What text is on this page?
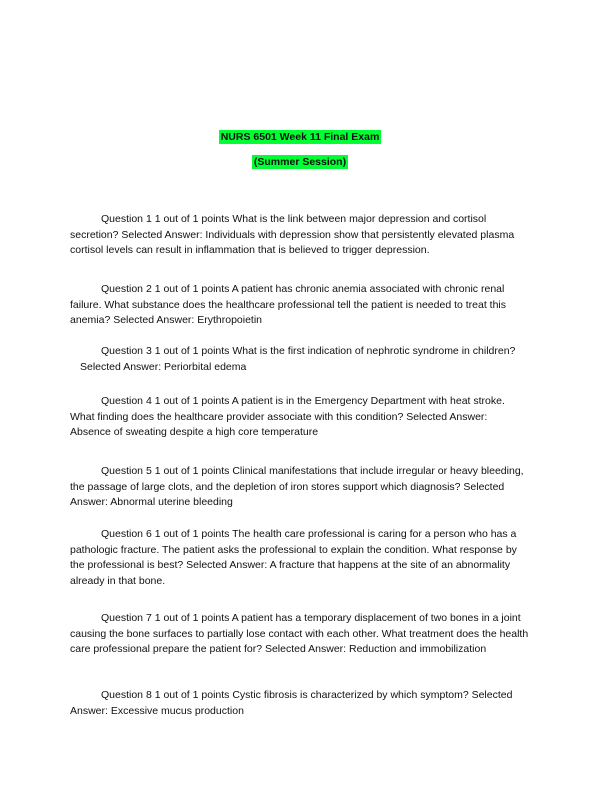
NURS 6501 Week 11 Final Exam
(Summer Session)

Question 1 1 out of 1 points What is the link between major depression and cortisol secretion? Selected Answer: Individuals with depression show that persistently elevated plasma cortisol levels can result in inflammation that is believed to trigger depression.

Question 2 1 out of 1 points A patient has chronic anemia associated with chronic renal failure. What substance does the healthcare professional tell the patient is needed to treat this anemia? Selected Answer: Erythropoietin

Question 3 1 out of 1 points What is the first indication of nephrotic syndrome in children? Selected Answer: Periorbital edema

Question 4 1 out of 1 points A patient is in the Emergency Department with heat stroke. What finding does the healthcare provider associate with this condition? Selected Answer: Absence of sweating despite a high core temperature

Question 5 1 out of 1 points Clinical manifestations that include irregular or heavy bleeding, the passage of large clots, and the depletion of iron stores support which diagnosis? Selected Answer: Abnormal uterine bleeding

Question 6 1 out of 1 points The health care professional is caring for a person who has a pathologic fracture. The patient asks the professional to explain the condition. What response by the professional is best? Selected Answer: A fracture that happens at the site of an abnormality already in that bone.

Question 7 1 out of 1 points A patient has a temporary displacement of two bones in a joint causing the bone surfaces to partially lose contact with each other. What treatment does the health care professional prepare the patient for? Selected Answer: Reduction and immobilization

Question 8 1 out of 1 points Cystic fibrosis is characterized by which symptom? Selected Answer: Excessive mucus production
